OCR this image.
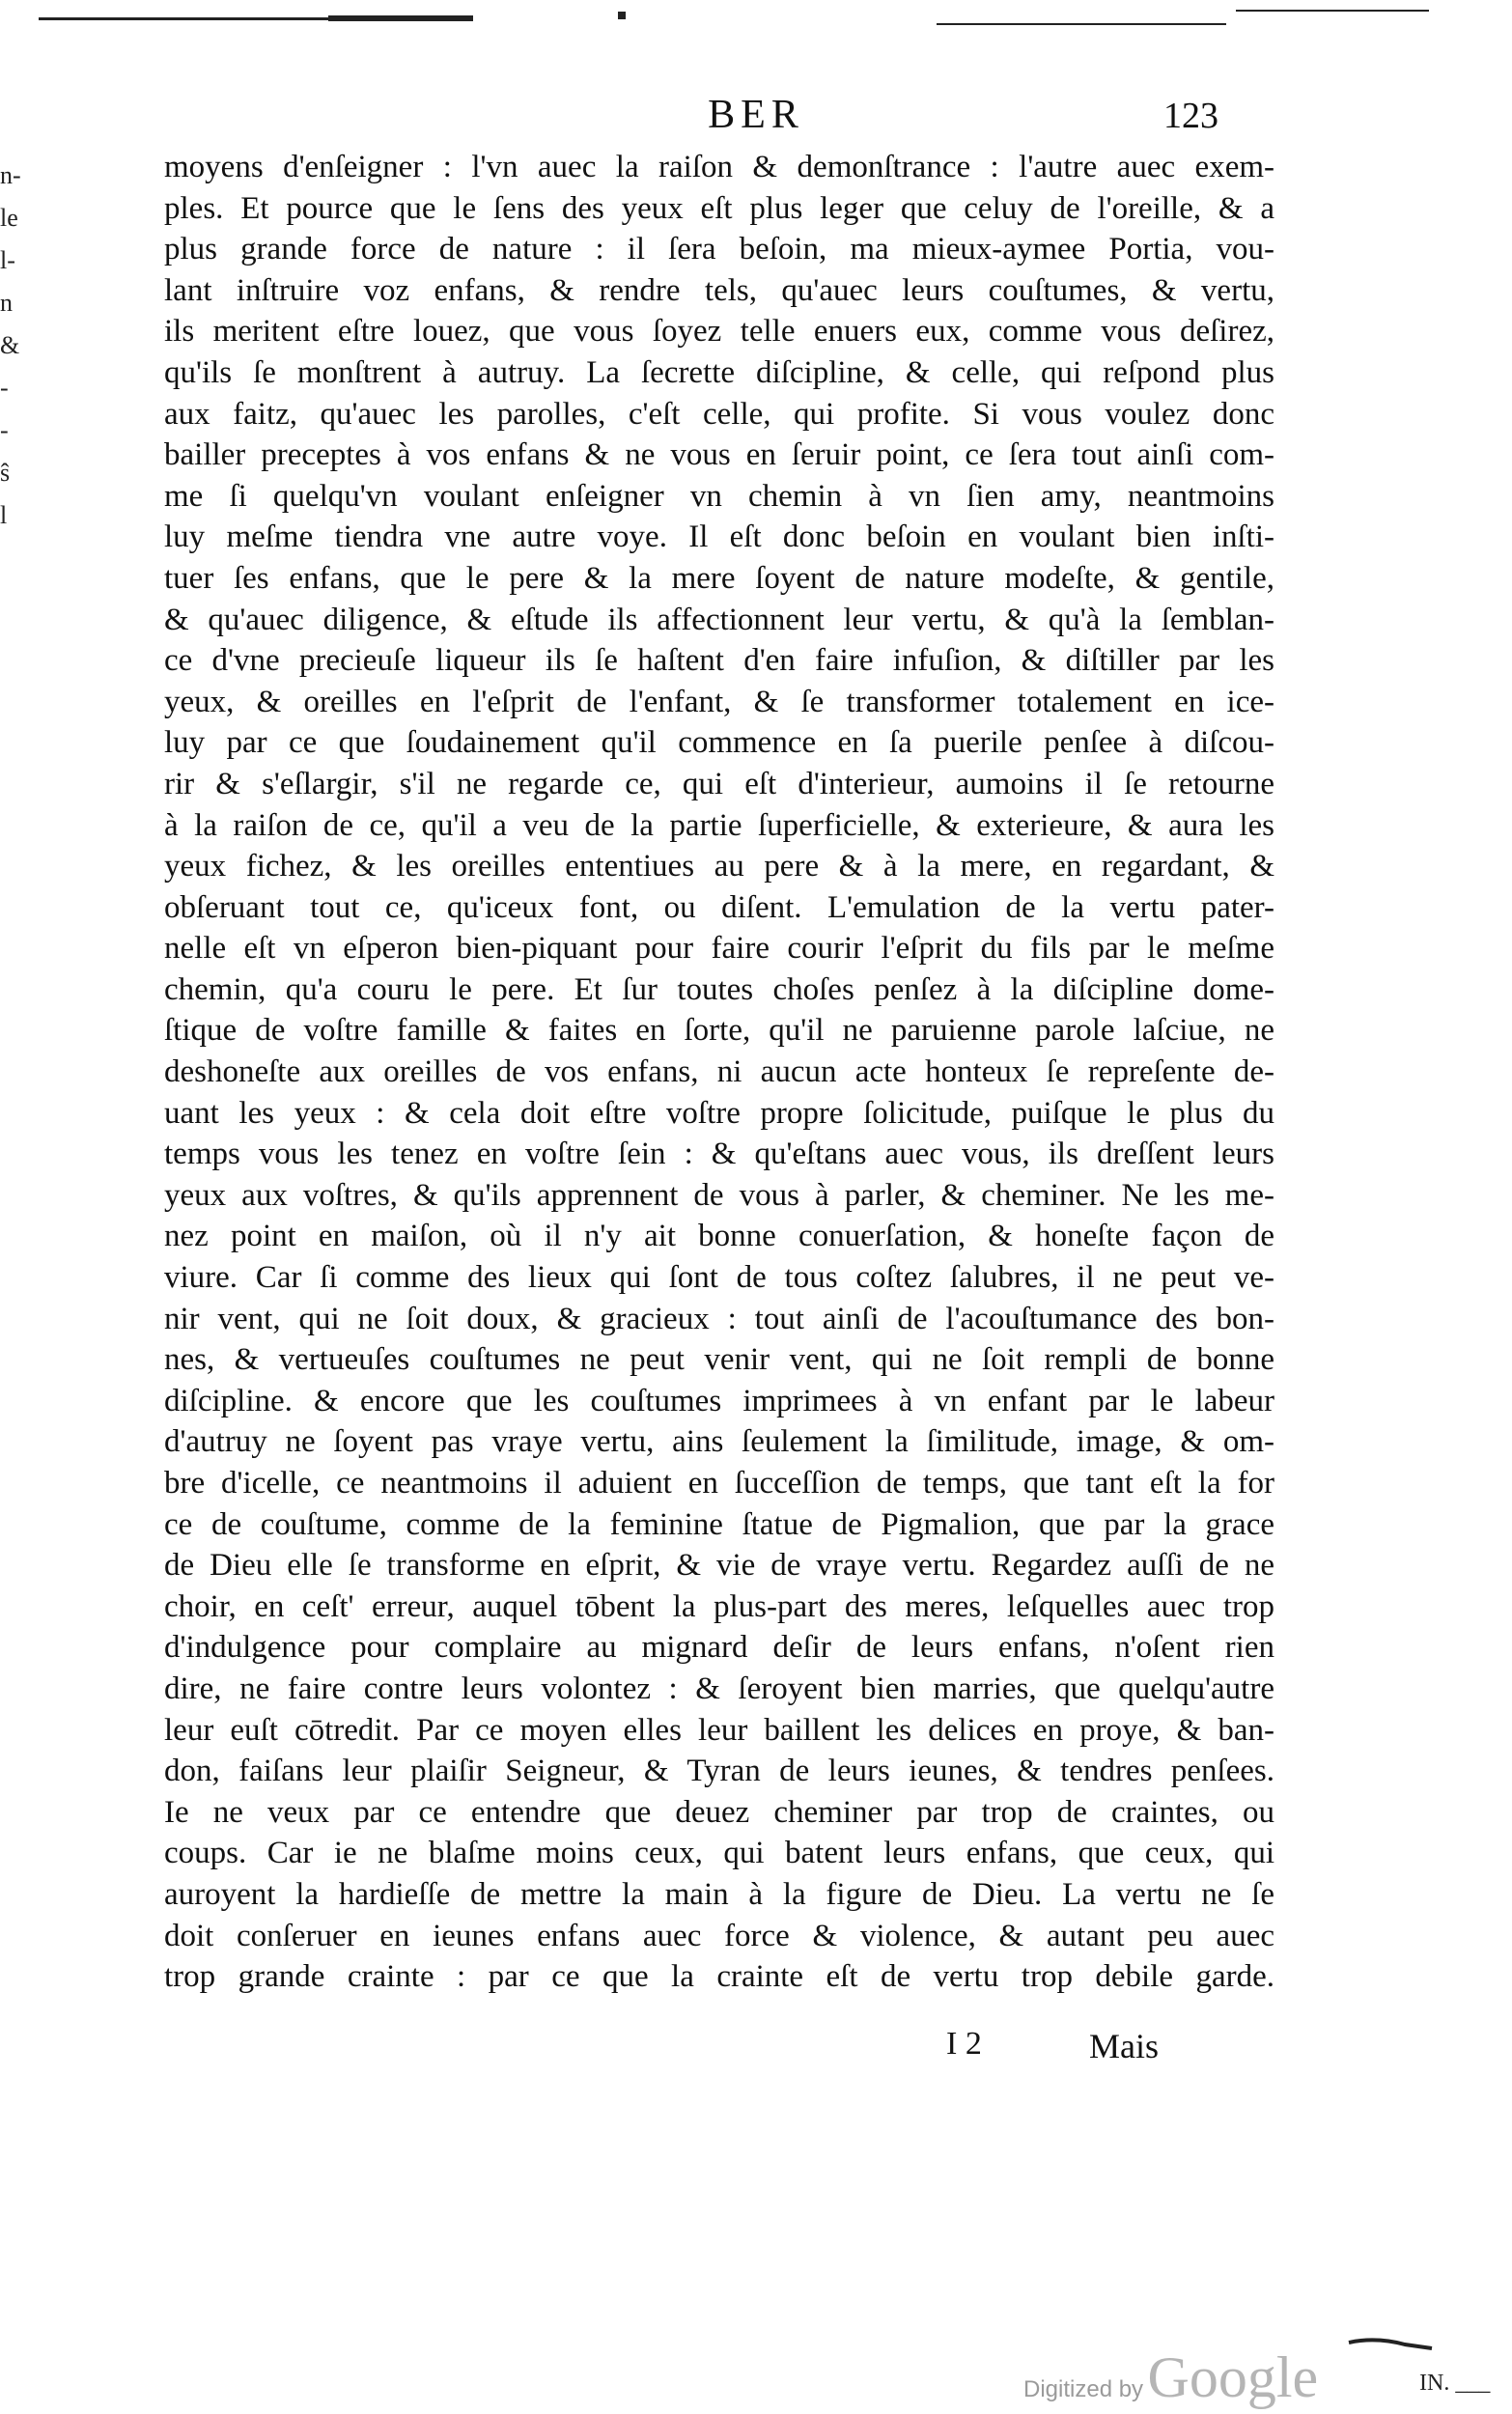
n-
le
l-
n
&
-
-
ŝ
l
BER	123
moyens d'enſeigner : l'vn auec la raiſon & demonſtrance : l'autre auec exem-
ples. Et pource que le ſens des yeux eſt plus leger que celuy de l'oreille, & a
plus grande force de nature : il ſera beſoin, ma mieux-aymee Portia, vou-
lant inſtruire voz enfans, & rendre tels, qu'auec leurs couſtumes, & vertu,
ils meritent eſtre louez, que vous ſoyez telle enuers eux, comme vous deſirez,
qu'ils ſe monſtrent à autruy. La ſecrette diſcipline, & celle, qui reſpond plus
aux faitz, qu'auec les parolles, c'eſt celle, qui profite. Si vous voulez donc
bailler preceptes à vos enfans & ne vous en ſeruir point, ce ſera tout ainſi com-
me ſi quelqu'vn voulant enſeigner vn chemin à vn ſien amy, neantmoins
luy meſme tiendra vne autre voye. Il eſt donc beſoin en voulant bien inſti-
tuer ſes enfans, que le pere & la mere ſoyent de nature modeſte, & gentile,
& qu'auec diligence, & eſtude ils affectionnent leur vertu, & qu'à la ſemblan-
ce d'vne precieuſe liqueur ils ſe haſtent d'en faire infuſion, & diſtiller par les
yeux, & oreilles en l'eſprit de l'enfant, & ſe transformer totalement en ice-
luy par ce que ſoudainement qu'il commence en ſa puerile penſee à diſcou-
rir & s'eſlargir, s'il ne regarde ce, qui eſt d'interieur, aumoins il ſe retourne
à la raiſon de ce, qu'il a veu de la partie ſuperficielle, & exterieure, & aura les
yeux fichez, & les oreilles ententiues au pere & à la mere, en regardant, &
obſeruant tout ce, qu'iceux font, ou diſent. L'emulation de la vertu pater-
nelle eſt vn eſperon bien-piquant pour faire courir l'eſprit du fils par le meſme
chemin, qu'a couru le pere. Et ſur toutes choſes penſez à la diſcipline dome-
ſtique de voſtre famille & faites en ſorte, qu'il ne paruienne parole laſciue, ne
deshoneſte aux oreilles de vos enfans, ni aucun acte honteux ſe repreſente de-
uant les yeux : & cela doit eſtre voſtre propre ſolicitude, puiſque le plus du
temps vous les tenez en voſtre ſein : & qu'eſtans auec vous, ils dreſſent leurs
yeux aux voſtres, & qu'ils apprennent de vous à parler, & cheminer. Ne les me-
nez point en maiſon, où il n'y ait bonne conuerſation, & honeſte façon de
viure. Car ſi comme des lieux qui ſont de tous coſtez ſalubres, il ne peut ve-
nir vent, qui ne ſoit doux, & gracieux : tout ainſi de l'acouſtumance des bon-
nes, & vertueuſes couſtumes ne peut venir vent, qui ne ſoit rempli de bonne
diſcipline. & encore que les couſtumes imprimees à vn enfant par le labeur
d'autruy ne ſoyent pas vraye vertu, ains ſeulement la ſimilitude, image, & om-
bre d'icelle, ce neantmoins il aduient en ſucceſſion de temps, que tant eſt la for
ce de couſtume, comme de la feminine ſtatue de Pigmalion, que par la grace
de Dieu elle ſe transforme en eſprit, & vie de vraye vertu. Regardez auſſi de ne
choir, en ceſt' erreur, auquel tōbent la plus-part des meres, leſquelles auec trop
d'indulgence pour complaire au mignard deſir de leurs enfans, n'oſent rien
dire, ne faire contre leurs volontez : & ſeroyent bien marries, que quelqu'autre
leur euſt cōtredit. Par ce moyen elles leur baillent les delices en proye, & ban-
don, faiſans leur plaiſir Seigneur, & Tyran de leurs ieunes, & tendres penſees.
Ie ne veux par ce entendre que deuez cheminer par trop de craintes, ou
coups. Car ie ne blaſme moins ceux, qui batent leurs enfans, que ceux, qui
auroyent la hardieſſe de mettre la main à la figure de Dieu. La vertu ne ſe
doit conſeruer en ieunes enfans auec force & violence, & autant peu auec
trop grande crainte : par ce que la crainte eſt de vertu trop debile garde.
I 2	Mais
Digitized by Google	IN. ___
